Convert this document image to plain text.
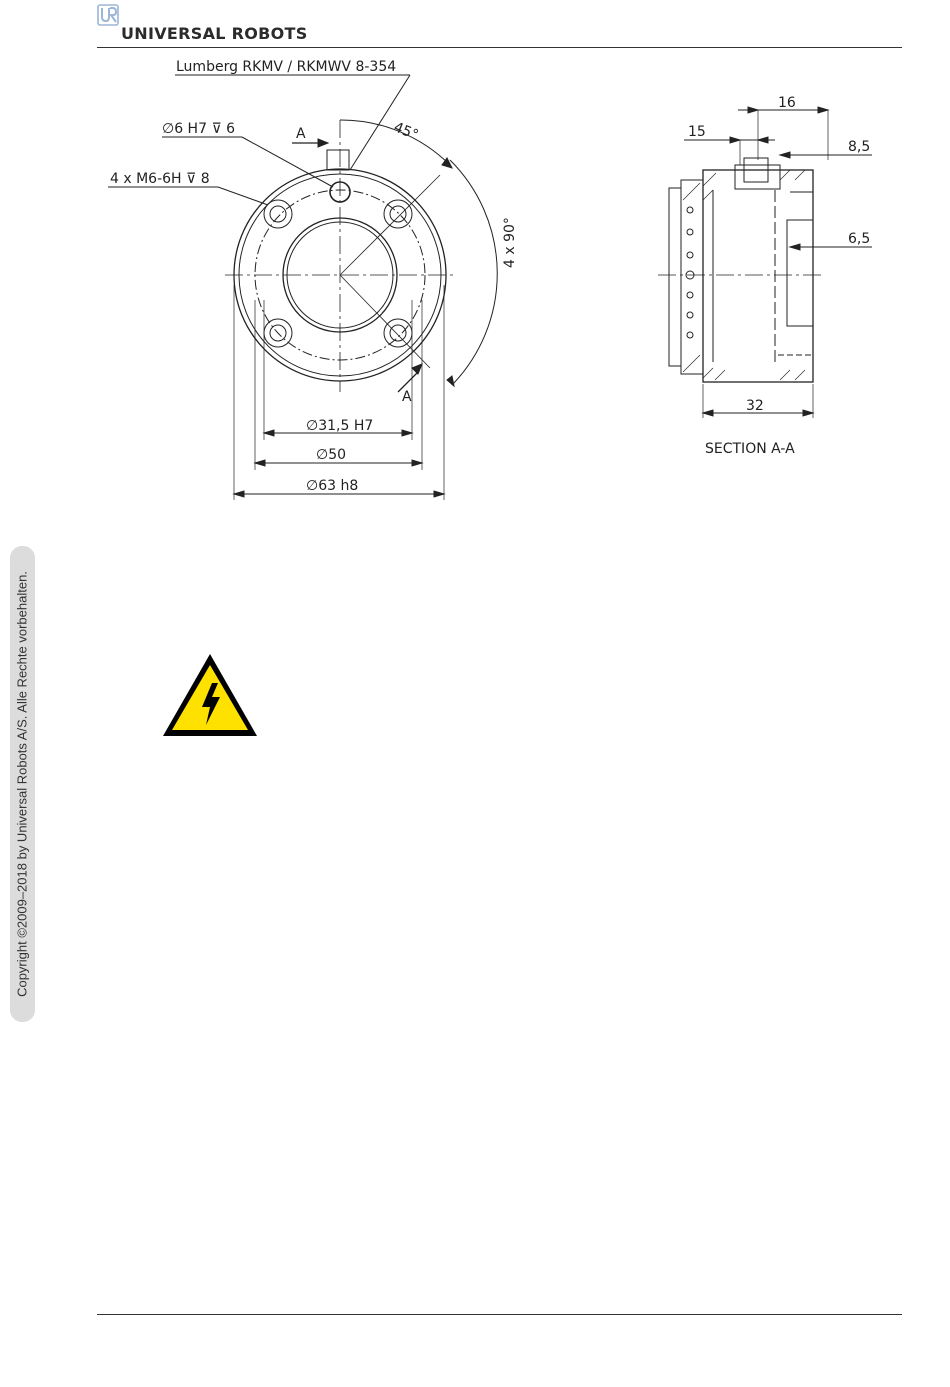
UNIVERSAL ROBOTS
Lumberg RKMV / RKMWV 8-354
∅6 H7 ⊽ 6
4 x M6-6H ⊽ 8
45°
4 x 90°
A
A
∅31,5 H7
∅50
∅63 h8
16
15
8,5
6,5
32
SECTION A-A
Copyright ©2009–2018 by Universal Robots A/S. Alle Rechte vorbehalten.
